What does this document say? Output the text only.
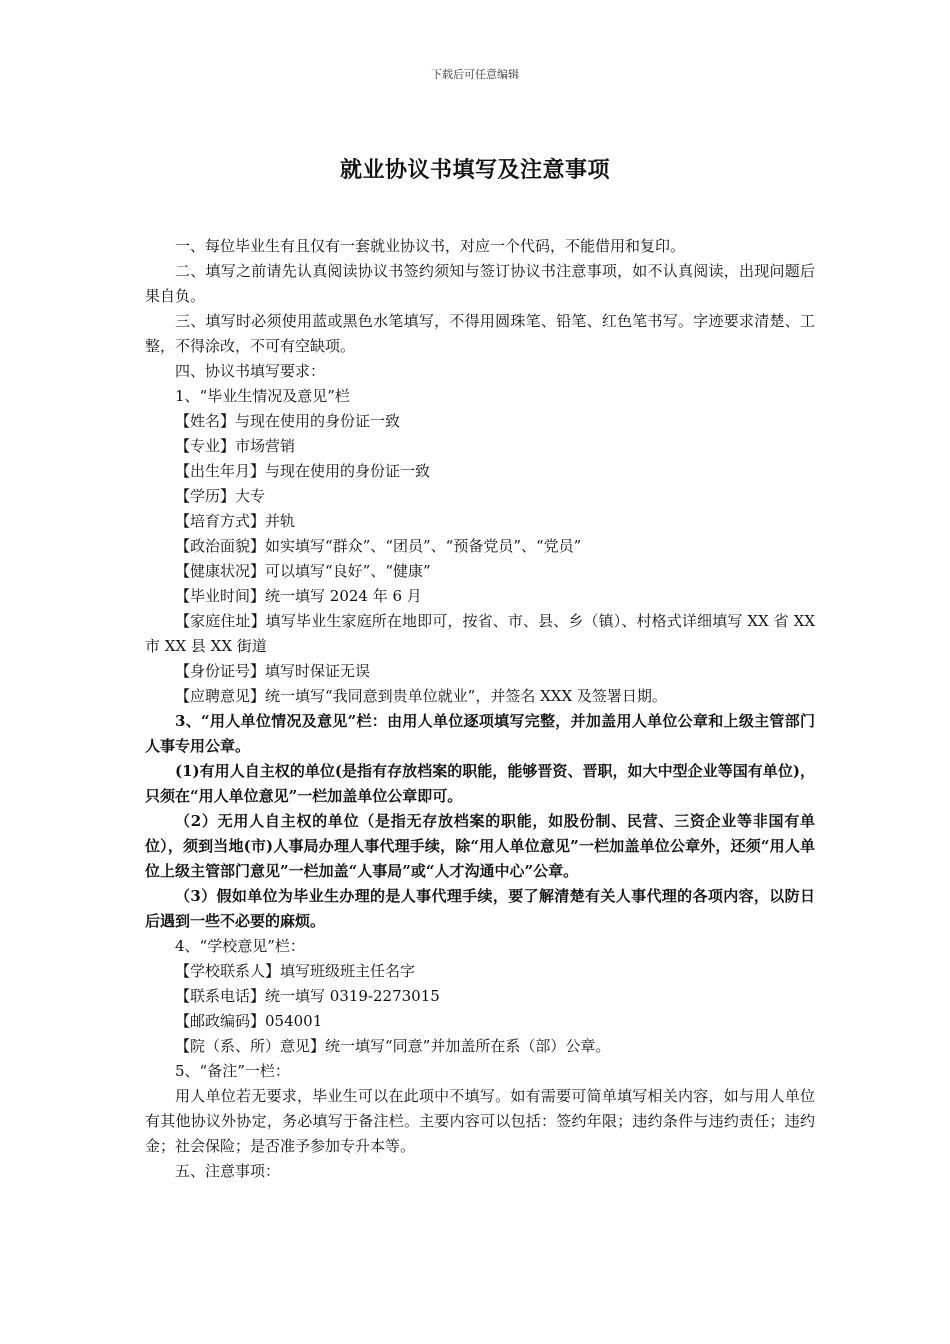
下载后可任意编辑
就业协议书填写及注意事项

一、每位毕业生有且仅有一套就业协议书，对应一个代码，不能借用和复印。

二、填写之前请先认真阅读协议书签约须知与签订协议书注意事项，如不认真阅读，出现问题后果自负。

三、填写时必须使用蓝或黑色水笔填写，不得用圆珠笔、铅笔、红色笔书写。字迹要求清楚、工整，不得涂改，不可有空缺项。

四、协议书填写要求：

1、“毕业生情况及意见”栏

【姓名】与现在使用的身份证一致

【专业】市场营销

【出生年月】与现在使用的身份证一致

【学历】大专

【培育方式】并轨

【政治面貌】如实填写“群众”、“团员”、“预备党员”、“党员”

【健康状况】可以填写“良好”、“健康”

【毕业时间】统一填写 2024 年 6 月

【家庭住址】填写毕业生家庭所在地即可，按省、市、县、乡（镇）、村格式详细填写 XX 省 XX 市 XX 县 XX 街道

【身份证号】填写时保证无误

【应聘意见】统一填写“我同意到贵单位就业”，并签名 XXX 及签署日期。

3、“用人单位情况及意见”栏：由用人单位逐项填写完整，并加盖用人单位公章和上级主管部门人事专用公章。

(1)有用人自主权的单位(是指有存放档案的职能，能够晋资、晋职，如大中型企业等国有单位)，只须在“用人单位意见”一栏加盖单位公章即可。

（2）无用人自主权的单位（是指无存放档案的职能，如股份制、民营、三资企业等非国有单位），须到当地(市)人事局办理人事代理手续，除“用人单位意见”一栏加盖单位公章外，还须“用人单位上级主管部门意见”一栏加盖“人事局”或“人才沟通中心”公章。

（3）假如单位为毕业生办理的是人事代理手续，要了解清楚有关人事代理的各项内容，以防日后遇到一些不必要的麻烦。

4、“学校意见”栏：

【学校联系人】填写班级班主任名字

【联系电话】统一填写 0319-2273015

【邮政编码】054001

【院（系、所）意见】统一填写“同意”并加盖所在系（部）公章。

5、“备注”一栏：

用人单位若无要求，毕业生可以在此项中不填写。如有需要可简单填写相关内容，如与用人单位有其他协议外协定，务必填写于备注栏。主要内容可以包括：签约年限；违约条件与违约责任；违约金；社会保险；是否准予参加专升本等。

五、注意事项：
